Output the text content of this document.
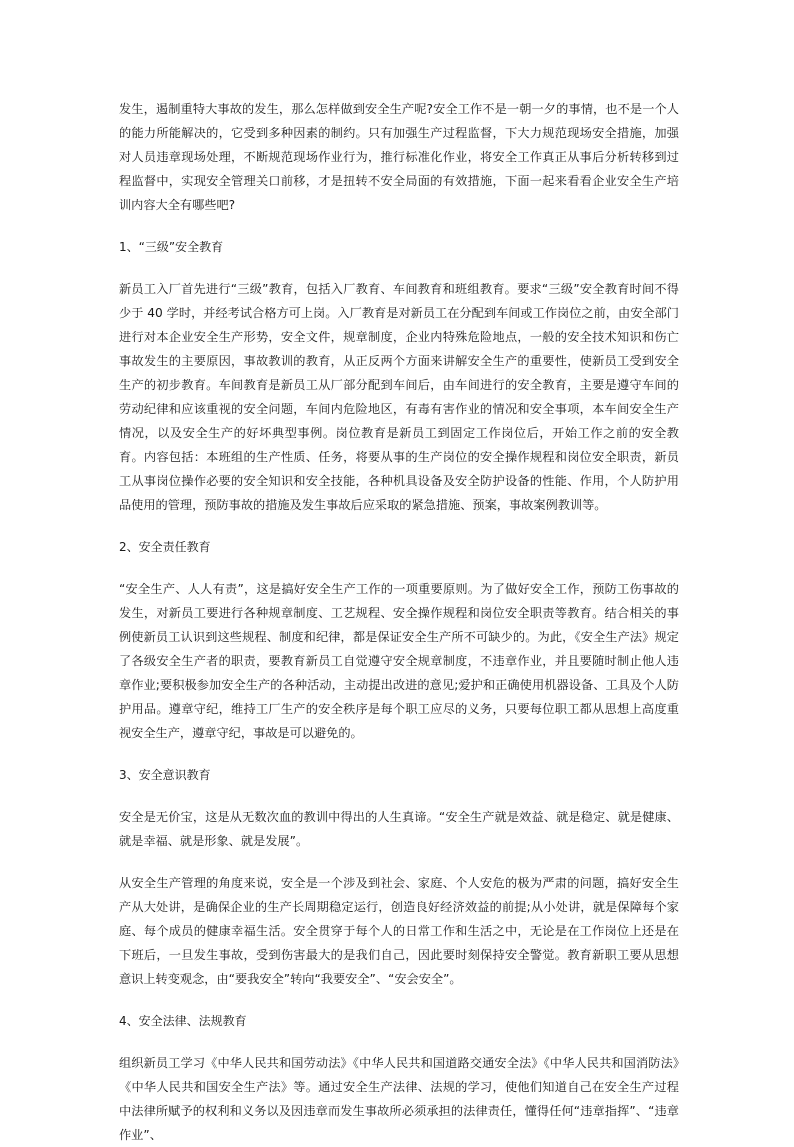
发生，遏制重特大事故的发生，那么怎样做到安全生产呢?安全工作不是一朝一夕的事情，也不是一个人的能力所能解决的，它受到多种因素的制约。只有加强生产过程监督，下大力规范现场安全措施，加强对人员违章现场处理，不断规范现场作业行为，推行标准化作业，将安全工作真正从事后分析转移到过程监督中，实现安全管理关口前移，才是扭转不安全局面的有效措施，下面一起来看看企业安全生产培训内容大全有哪些吧?

1、“三级”安全教育

新员工入厂首先进行“三级”教育，包括入厂教育、车间教育和班组教育。要求“三级”安全教育时间不得少于 40 学时，并经考试合格方可上岗。入厂教育是对新员工在分配到车间或工作岗位之前，由安全部门进行对本企业安全生产形势，安全文件，规章制度，企业内特殊危险地点，一般的安全技术知识和伤亡事故发生的主要原因，事故教训的教育，从正反两个方面来讲解安全生产的重要性，使新员工受到安全生产的初步教育。车间教育是新员工从厂部分配到车间后，由车间进行的安全教育，主要是遵守车间的劳动纪律和应该重视的安全问题，车间内危险地区，有毒有害作业的情况和安全事项，本车间安全生产情况，以及安全生产的好坏典型事例。岗位教育是新员工到固定工作岗位后，开始工作之前的安全教育。内容包括：本班组的生产性质、任务，将要从事的生产岗位的安全操作规程和岗位安全职责，新员工从事岗位操作必要的安全知识和安全技能，各种机具设备及安全防护设备的性能、作用，个人防护用品使用的管理，预防事故的措施及发生事故后应采取的紧急措施、预案，事故案例教训等。

2、安全责任教育

“安全生产、人人有责”，这是搞好安全生产工作的一项重要原则。为了做好安全工作，预防工伤事故的发生，对新员工要进行各种规章制度、工艺规程、安全操作规程和岗位安全职责等教育。结合相关的事例使新员工认识到这些规程、制度和纪律，都是保证安全生产所不可缺少的。为此，《安全生产法》规定了各级安全生产者的职责，要教育新员工自觉遵守安全规章制度，不违章作业，并且要随时制止他人违章作业;要积极参加安全生产的各种活动，主动提出改进的意见;爱护和正确使用机器设备、工具及个人防护用品。遵章守纪，维持工厂生产的安全秩序是每个职工应尽的义务，只要每位职工都从思想上高度重视安全生产，遵章守纪，事故是可以避免的。

3、安全意识教育

安全是无价宝，这是从无数次血的教训中得出的人生真谛。“安全生产就是效益、就是稳定、就是健康、就是幸福、就是形象、就是发展”。

从安全生产管理的角度来说，安全是一个涉及到社会、家庭、个人安危的极为严肃的问题，搞好安全生产从大处讲，是确保企业的生产长周期稳定运行，创造良好经济效益的前提;从小处讲，就是保障每个家庭、每个成员的健康幸福生活。安全贯穿于每个人的日常工作和生活之中，无论是在工作岗位上还是在下班后，一旦发生事故，受到伤害最大的是我们自己，因此要时刻保持安全警觉。教育新职工要从思想意识上转变观念，由“要我安全”转向“我要安全”、“安会安全”。

4、安全法律、法规教育

组织新员工学习《中华人民共和国劳动法》《中华人民共和国道路交通安全法》《中华人民共和国消防法》《中华人民共和国安全生产法》等。通过安全生产法律、法规的学习，使他们知道自己在安全生产过程中法律所赋予的权利和义务以及因违章而发生事故所必须承担的法律责任，懂得任何“违章指挥”、“违章作业”、
